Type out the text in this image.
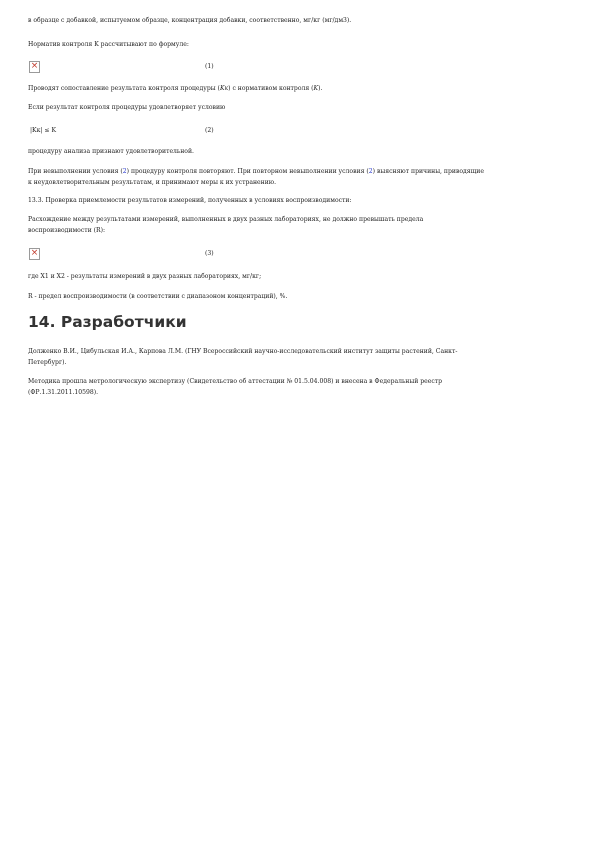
в образце с добавкой, испытуемом образце, концентрация добавки, соответственно, мг/кг (мг/дм3).
Норматив контроля K рассчитывают по формуле:
×
(1)
Проводят сопоставление результата контроля процедуры (Kк) с нормативом контроля (K).
Если результат контроля процедуры удовлетворяет условию
|Kк| ≤ K	(2)
процедуру анализа признают удовлетворительной.
При невыполнении условия (2) процедуру контроля повторяют. При повторном невыполнении условия (2) выясняют причины, приводящие
к неудовлетворительным результатам, и принимают меры к их устранению.
13.3. Проверка приемлемости результатов измерений, полученных в условиях воспроизводимости:
Расхождение между результатами измерений, выполненных в двух разных лабораториях, не должно превышать предела
воспроизводимости (R):
×
(3)
где X1 и X2 - результаты измерений в двух разных лабораториях, мг/кг;
R - предел воспроизводимости (в соответствии с диапазоном концентраций), %.
14. Разработчики
Долженко В.И., Цибульская И.А., Карпова Л.М. (ГНУ Всероссийский научно-исследовательский институт защиты растений, Санкт-
Петербург).
Методика прошла метрологическую экспертизу (Свидетельство об аттестации № 01.5.04.008) и внесена в Федеральный реестр
(ФР.1.31.2011.10598).
